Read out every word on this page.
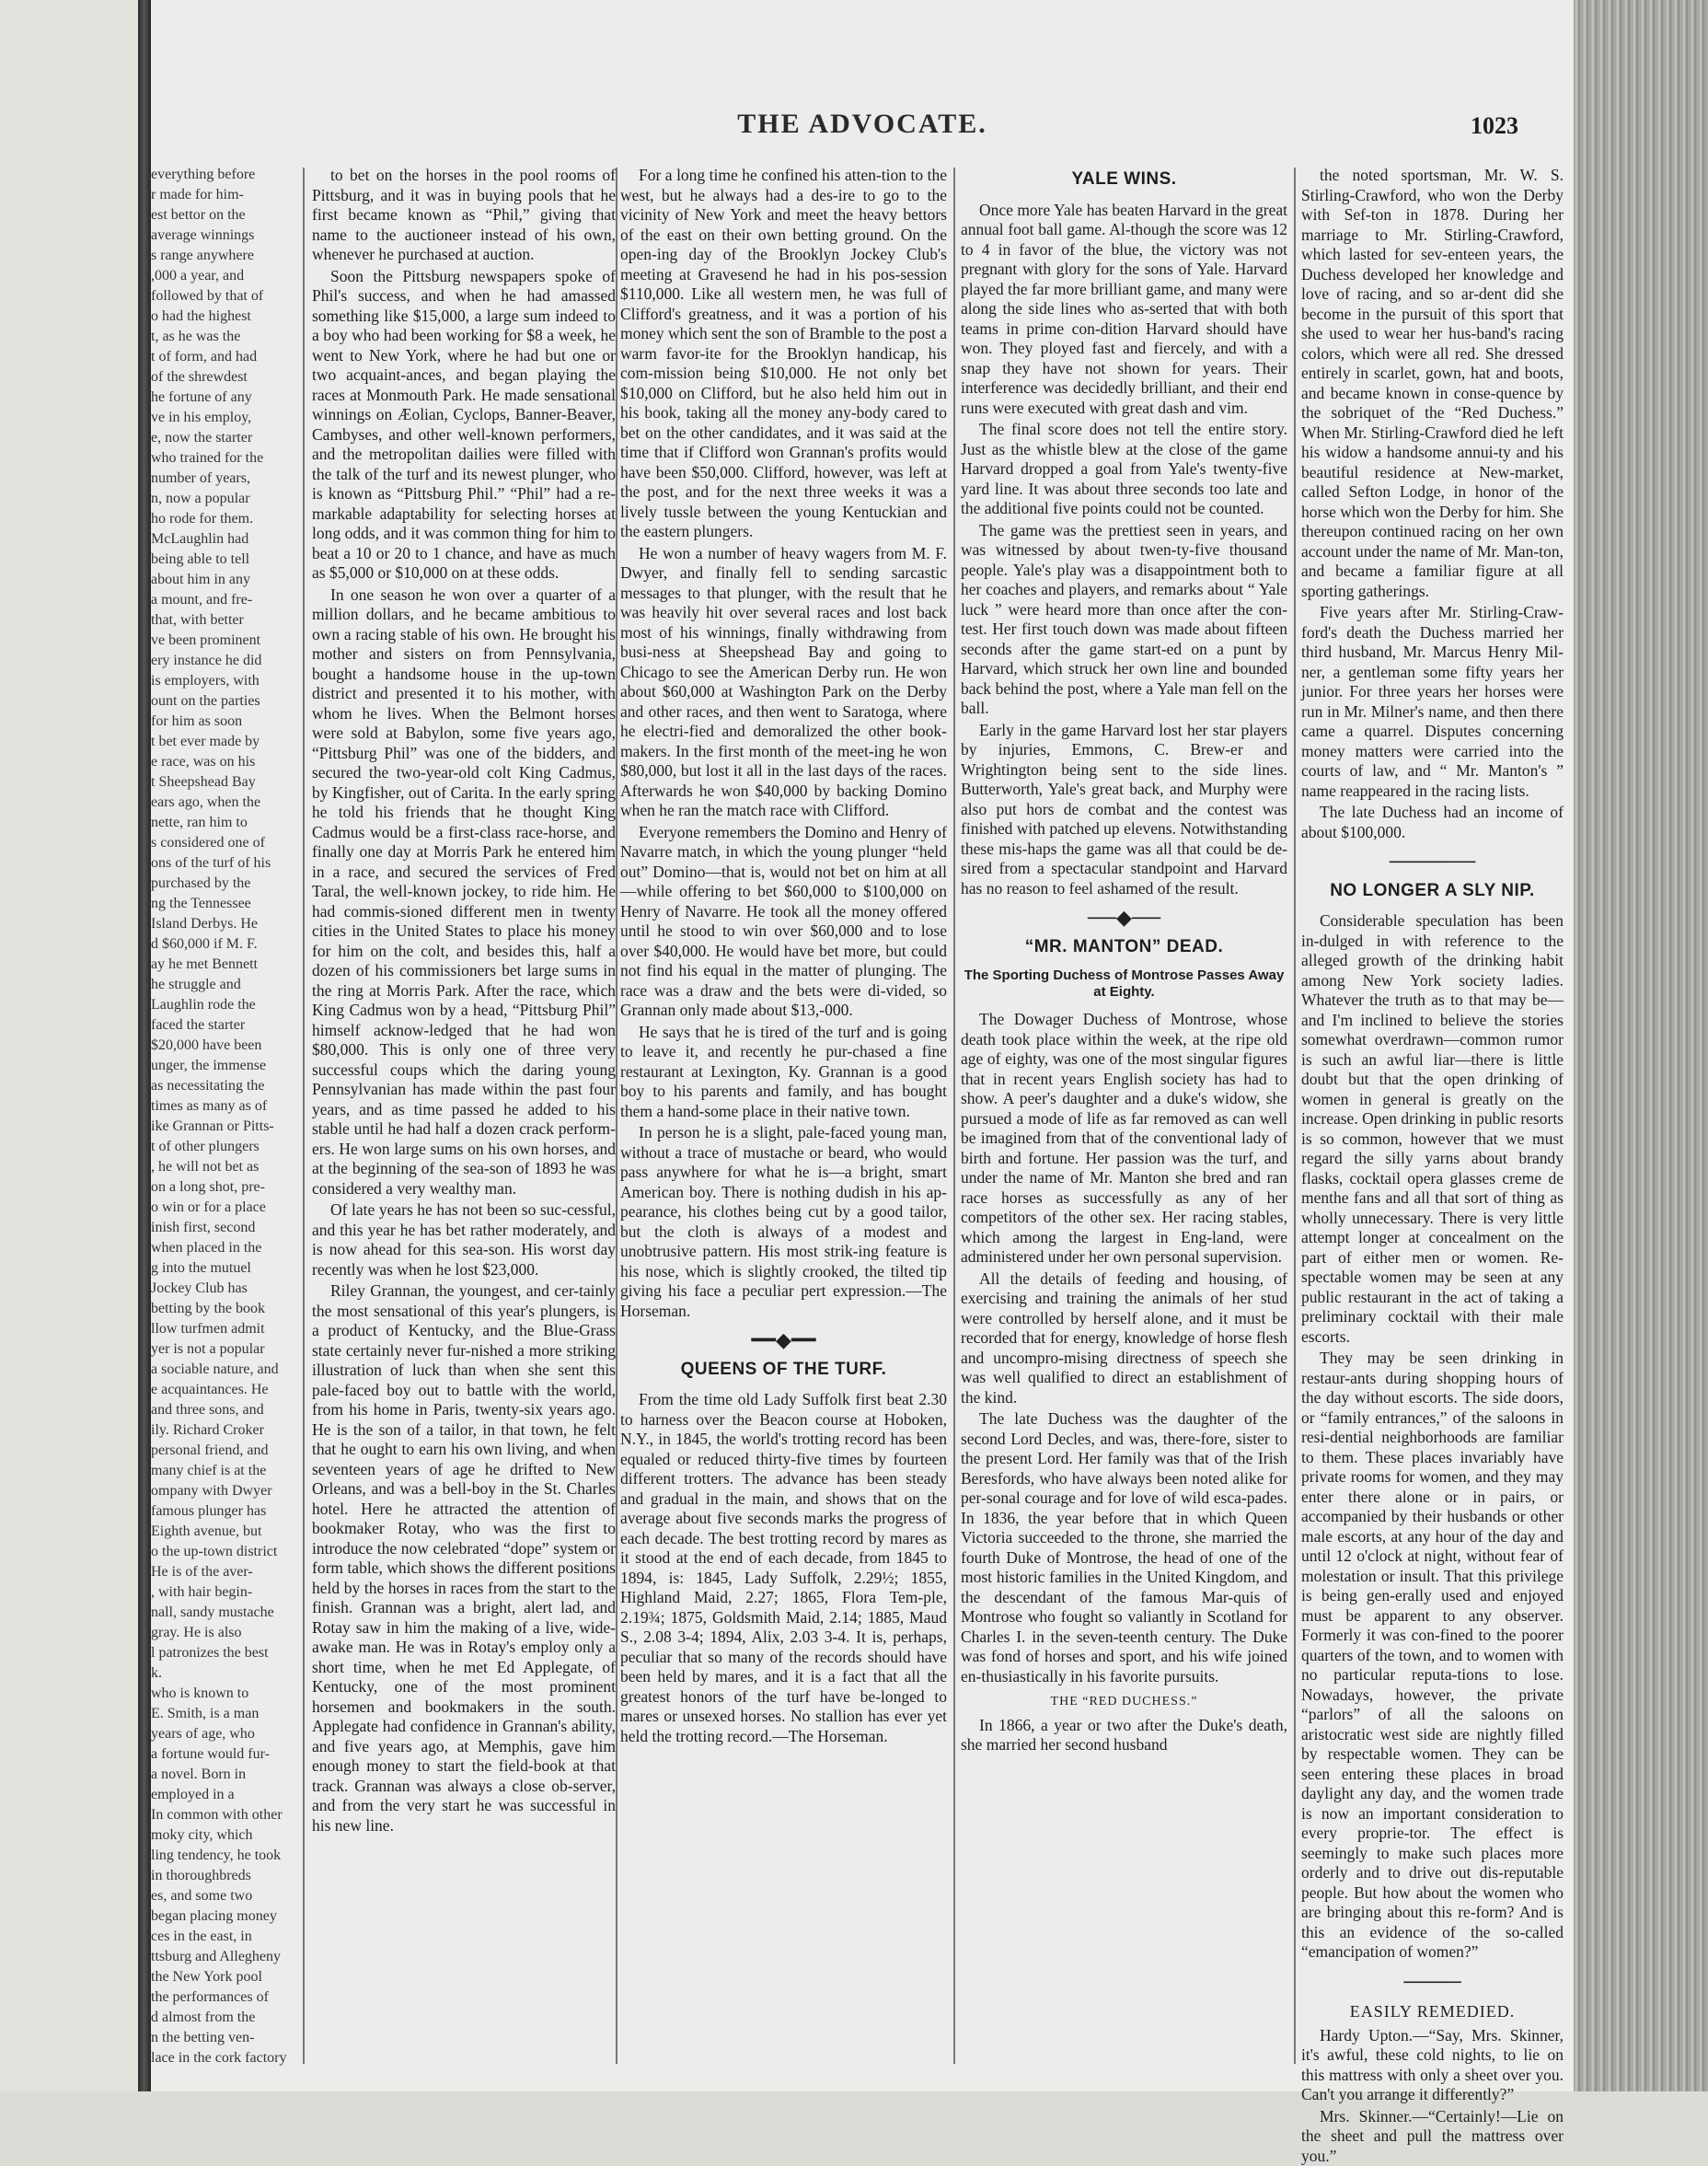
THE ADVOCATE.	1023

everything before

r made for him-

est bettor on the

average winnings

s range anywhere

,000 a year, and

followed by that of

o had the highest

t, as he was the

t of form, and had

of the shrewdest

he fortune of any

ve in his employ,

e, now the starter

who trained for the

number of years,

n, now a popular

ho rode for them.

McLaughlin had

being able to tell

about him in any

a mount, and fre-

that, with better

ve been prominent

ery instance he did

is employers, with

ount on the parties

for him as soon

t bet ever made by

e race, was on his

t Sheepshead Bay

ears ago, when the

nette, ran him to

s considered one of

ons of the turf of his

purchased by the

ng the Tennessee

Island Derbys. He

d $60,000 if M. F.

ay he met Bennett

he struggle and

Laughlin rode the

faced the starter

$20,000 have been

unger, the immense

as necessitating the

times as many as of

ike Grannan or Pitts-

t of other plungers

, he will not bet as

on a long shot, pre-

o win or for a place

inish first, second

when placed in the

g into the mutuel

Jockey Club has

betting by the book

llow turfmen admit

yer is not a popular

a sociable nature, and

e acquaintances. He

and three sons, and

ily. Richard Croker

personal friend, and

many chief is at the

ompany with Dwyer

famous plunger has

Eighth avenue, but

o the up-town district

He is of the aver-

, with hair begin-

nall, sandy mustache

gray. He is also

l patronizes the best

k.

who is known to

E. Smith, is a man

years of age, who

a fortune would fur-

a novel. Born in

employed in a

In common with other

moky city, which

ling tendency, he took

in thoroughbreds

es, and some two

began placing money

ces in the east, in

ttsburg and Allegheny

the New York pool

the performances of

d almost from the

n the betting ven-

lace in the cork factory

to bet on the horses in the pool rooms of Pittsburg, and it was in buying pools that he first became known as “Phil,” giving that name to the auctioneer instead of his own, whenever he purchased at auction.

Soon the Pittsburg newspapers spoke of Phil's success, and when he had amassed something like $15,000, a large sum indeed to a boy who had been working for $8 a week, he went to New York, where he had but one or two acquaint-ances, and began playing the races at Monmouth Park. He made sensational winnings on Æolian, Cyclops, Banner-Beaver, Cambyses, and other well-known performers, and the metropolitan dailies were filled with the talk of the turf and its newest plunger, who is known as “Pittsburg Phil.” “Phil” had a re-markable adaptability for selecting horses at long odds, and it was common thing for him to beat a 10 or 20 to 1 chance, and have as much as $5,000 or $10,000 on at these odds.

In one season he won over a quarter of a million dollars, and he became ambitious to own a racing stable of his own. He brought his mother and sisters on from Pennsylvania, bought a handsome house in the up-town district and presented it to his mother, with whom he lives. When the Belmont horses were sold at Babylon, some five years ago, “Pittsburg Phil” was one of the bidders, and secured the two-year-old colt King Cadmus, by Kingfisher, out of Carita. In the early spring he told his friends that he thought King Cadmus would be a first-class race-horse, and finally one day at Morris Park he entered him in a race, and secured the services of Fred Taral, the well-known jockey, to ride him. He had commis-sioned different men in twenty cities in the United States to place his money for him on the colt, and besides this, half a dozen of his commissioners bet large sums in the ring at Morris Park. After the race, which King Cadmus won by a head, “Pittsburg Phil” himself acknow-ledged that he had won $80,000. This is only one of three very successful coups which the daring young Pennsylvanian has made within the past four years, and as time passed he added to his stable until he had half a dozen crack perform-ers. He won large sums on his own horses, and at the beginning of the sea-son of 1893 he was considered a very wealthy man.

Of late years he has not been so suc-cessful, and this year he has bet rather moderately, and is now ahead for this sea-son. His worst day recently was when he lost $23,000.

Riley Grannan, the youngest, and cer-tainly the most sensational of this year's plungers, is a product of Kentucky, and the Blue-Grass state certainly never fur-nished a more striking illustration of luck than when she sent this pale-faced boy out to battle with the world, from his home in Paris, twenty-six years ago. He is the son of a tailor, in that town, he felt that he ought to earn his own living, and when seventeen years of age he drifted to New Orleans, and was a bell-boy in the St. Charles hotel. Here he attracted the attention of bookmaker Rotay, who was the first to introduce the now celebrated “dope” system or form table, which shows the different positions held by the horses in races from the start to the finish. Grannan was a bright, alert lad, and Rotay saw in him the making of a live, wide-awake man. He was in Rotay's employ only a short time, when he met Ed Applegate, of Kentucky, one of the most prominent horsemen and bookmakers in the south. Applegate had confidence in Grannan's ability, and five years ago, at Memphis, gave him enough money to start the field-book at that track. Grannan was always a close ob-server, and from the very start he was successful in his new line.

For a long time he confined his atten-tion to the west, but he always had a des-ire to go to the vicinity of New York and meet the heavy bettors of the east on their own betting ground. On the open-ing day of the Brooklyn Jockey Club's meeting at Gravesend he had in his pos-session $110,000. Like all western men, he was full of Clifford's greatness, and it was a portion of his money which sent the son of Bramble to the post a warm favor-ite for the Brooklyn handicap, his com-mission being $10,000. He not only bet $10,000 on Clifford, but he also held him out in his book, taking all the money any-body cared to bet on the other candidates, and it was said at the time that if Clifford won Grannan's profits would have been $50,000. Clifford, however, was left at the post, and for the next three weeks it was a lively tussle between the young Kentuckian and the eastern plungers.

He won a number of heavy wagers from M. F. Dwyer, and finally fell to sending sarcastic messages to that plunger, with the result that he was heavily hit over several races and lost back most of his winnings, finally withdrawing from busi-ness at Sheepshead Bay and going to Chicago to see the American Derby run. He won about $60,000 at Washington Park on the Derby and other races, and then went to Saratoga, where he electri-fied and demoralized the other book-makers. In the first month of the meet-ing he won $80,000, but lost it all in the last days of the races. Afterwards he won $40,000 by backing Domino when he ran the match race with Clifford.

Everyone remembers the Domino and Henry of Navarre match, in which the young plunger “held out” Domino—that is, would not bet on him at all—while offering to bet $60,000 to $100,000 on Henry of Navarre. He took all the money offered until he stood to win over $60,000 and to lose over $40,000. He would have bet more, but could not find his equal in the matter of plunging. The race was a draw and the bets were di-vided, so Grannan only made about $13,-000.

He says that he is tired of the turf and is going to leave it, and recently he pur-chased a fine restaurant at Lexington, Ky. Grannan is a good boy to his parents and family, and has bought them a hand-some place in their native town.

In person he is a slight, pale-faced young man, without a trace of mustache or beard, who would pass anywhere for what he is—a bright, smart American boy. There is nothing dudish in his ap-pearance, his clothes being cut by a good tailor, but the cloth is always of a modest and unobtrusive pattern. His most strik-ing feature is his nose, which is slightly crooked, the tilted tip giving his face a peculiar pert expression.—The Horseman.

━━◆━━
QUEENS OF THE TURF.

From the time old Lady Suffolk first beat 2.30 to harness over the Beacon course at Hoboken, N.Y., in 1845, the world's trotting record has been equaled or reduced thirty-five times by fourteen different trotters. The advance has been steady and gradual in the main, and shows that on the average about five seconds marks the progress of each decade. The best trotting record by mares as it stood at the end of each decade, from 1845 to 1894, is: 1845, Lady Suffolk, 2.29½; 1855, Highland Maid, 2.27; 1865, Flora Tem-ple, 2.19¾; 1875, Goldsmith Maid, 2.14; 1885, Maud S., 2.08 3-4; 1894, Alix, 2.03 3-4. It is, perhaps, peculiar that so many of the records should have been held by mares, and it is a fact that all the greatest honors of the turf have be-longed to mares or unsexed horses. No stallion has ever yet held the trotting record.—The Horseman.

YALE WINS.

Once more Yale has beaten Harvard in the great annual foot ball game. Al-though the score was 12 to 4 in favor of the blue, the victory was not pregnant with glory for the sons of Yale. Harvard played the far more brilliant game, and many were along the side lines who as-serted that with both teams in prime con-dition Harvard should have won. They ployed fast and fiercely, and with a snap they have not shown for years. Their interference was decidedly brilliant, and their end runs were executed with great dash and vim.

The final score does not tell the entire story. Just as the whistle blew at the close of the game Harvard dropped a goal from Yale's twenty-five yard line. It was about three seconds too late and the additional five points could not be counted.

The game was the prettiest seen in years, and was witnessed by about twen-ty-five thousand people. Yale's play was a disappointment both to her coaches and players, and remarks about “ Yale luck ” were heard more than once after the con-test. Her first touch down was made about fifteen seconds after the game start-ed on a punt by Harvard, which struck her own line and bounded back behind the post, where a Yale man fell on the ball.

Early in the game Harvard lost her star players by injuries, Emmons, C. Brew-er and Wrightington being sent to the side lines. Butterworth, Yale's great back, and Murphy were also put hors de combat and the contest was finished with patched up elevens. Notwithstanding these mis-haps the game was all that could be de-sired from a spectacular standpoint and Harvard has no reason to feel ashamed of the result.

──◆──
“MR. MANTON” DEAD.
The Sporting Duchess of Montrose Passes Away at Eighty.

The Dowager Duchess of Montrose, whose death took place within the week, at the ripe old age of eighty, was one of the most singular figures that in recent years English society has had to show. A peer's daughter and a duke's widow, she pursued a mode of life as far removed as can well be imagined from that of the conventional lady of birth and fortune. Her passion was the turf, and under the name of Mr. Manton she bred and ran race horses as successfully as any of her competitors of the other sex. Her racing stables, which among the largest in Eng-land, were administered under her own personal supervision.

All the details of feeding and housing, of exercising and training the animals of her stud were controlled by herself alone, and it must be recorded that for energy, knowledge of horse flesh and uncompro-mising directness of speech she was well qualified to direct an establishment of the kind.

The late Duchess was the daughter of the second Lord Decles, and was, there-fore, sister to the present Lord. Her family was that of the Irish Beresfords, who have always been noted alike for per-sonal courage and for love of wild esca-pades. In 1836, the year before that in which Queen Victoria succeeded to the throne, she married the fourth Duke of Montrose, the head of one of the most historic families in the United Kingdom, and the descendant of the famous Mar-quis of Montrose who fought so valiantly in Scotland for Charles I. in the seven-teenth century. The Duke was fond of horses and sport, and his wife joined en-thusiastically in his favorite pursuits.

THE “RED DUCHESS.”

In 1866, a year or two after the Duke's death, she married her second husband

the noted sportsman, Mr. W. S. Stirling-Crawford, who won the Derby with Sef-ton in 1878. During her marriage to Mr. Stirling-Crawford, which lasted for sev-enteen years, the Duchess developed her knowledge and love of racing, and so ar-dent did she become in the pursuit of this sport that she used to wear her hus-band's racing colors, which were all red. She dressed entirely in scarlet, gown, hat and boots, and became known in conse-quence by the sobriquet of the “Red Duchess.” When Mr. Stirling-Crawford died he left his widow a handsome annui-ty and his beautiful residence at New-market, called Sefton Lodge, in honor of the horse which won the Derby for him. She thereupon continued racing on her own account under the name of Mr. Man-ton, and became a familiar figure at all sporting gatherings.

Five years after Mr. Stirling-Craw-ford's death the Duchess married her third husband, Mr. Marcus Henry Mil-ner, a gentleman some fifty years her junior. For three years her horses were run in Mr. Milner's name, and then there came a quarrel. Disputes concerning money matters were carried into the courts of law, and “ Mr. Manton's ” name reappeared in the racing lists.

The late Duchess had an income of about $100,000.

──────
NO LONGER A SLY NIP.

Considerable speculation has been in-dulged in with reference to the alleged growth of the drinking habit among New York society ladies. Whatever the truth as to that may be—and I'm inclined to believe the stories somewhat overdrawn—common rumor is such an awful liar—there is little doubt but that the open drinking of women in general is greatly on the increase. Open drinking in public resorts is so common, however that we must regard the silly yarns about brandy flasks, cocktail opera glasses creme de menthe fans and all that sort of thing as wholly unnecessary. There is very little attempt longer at concealment on the part of either men or women. Re-spectable women may be seen at any public restaurant in the act of taking a preliminary cocktail with their male escorts.

They may be seen drinking in restaur-ants during shopping hours of the day without escorts. The side doors, or “family entrances,” of the saloons in resi-dential neighborhoods are familiar to them. These places invariably have private rooms for women, and they may enter there alone or in pairs, or accompanied by their husbands or other male escorts, at any hour of the day and until 12 o'clock at night, without fear of molestation or insult. That this privilege is being gen-erally used and enjoyed must be apparent to any observer. Formerly it was con-fined to the poorer quarters of the town, and to women with no particular reputa-tions to lose. Nowadays, however, the private “parlors” of all the saloons on aristocratic west side are nightly filled by respectable women. They can be seen entering these places in broad daylight any day, and the women trade is now an important consideration to every proprie-tor. The effect is seemingly to make such places more orderly and to drive out dis-reputable people. But how about the women who are bringing about this re-form? And is this an evidence of the so-called “emancipation of women?”

────
EASILY REMEDIED.

Hardy Upton.—“Say, Mrs. Skinner, it's awful, these cold nights, to lie on this mattress with only a sheet over you. Can't you arrange it differently?”

Mrs. Skinner.—“Certainly!—Lie on the sheet and pull the mattress over you.”
